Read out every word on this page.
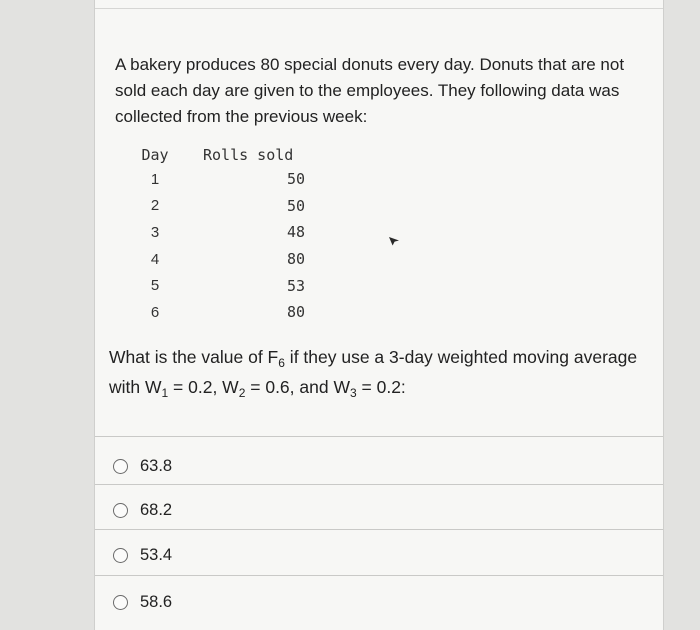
A bakery produces 80 special donuts every day. Donuts that are not sold each day are given to the employees. They following data was collected from the previous week:
Day	Rolls sold
1	50
2	50
3	48
4	80
5	53
6	80
What is the value of $F_6$ if they use a 3-day weighted moving average with $W_1 = 0.2$, $W_2 = 0.6$, and $W_3 = 0.2$:
63.8
68.2
53.4
58.6
